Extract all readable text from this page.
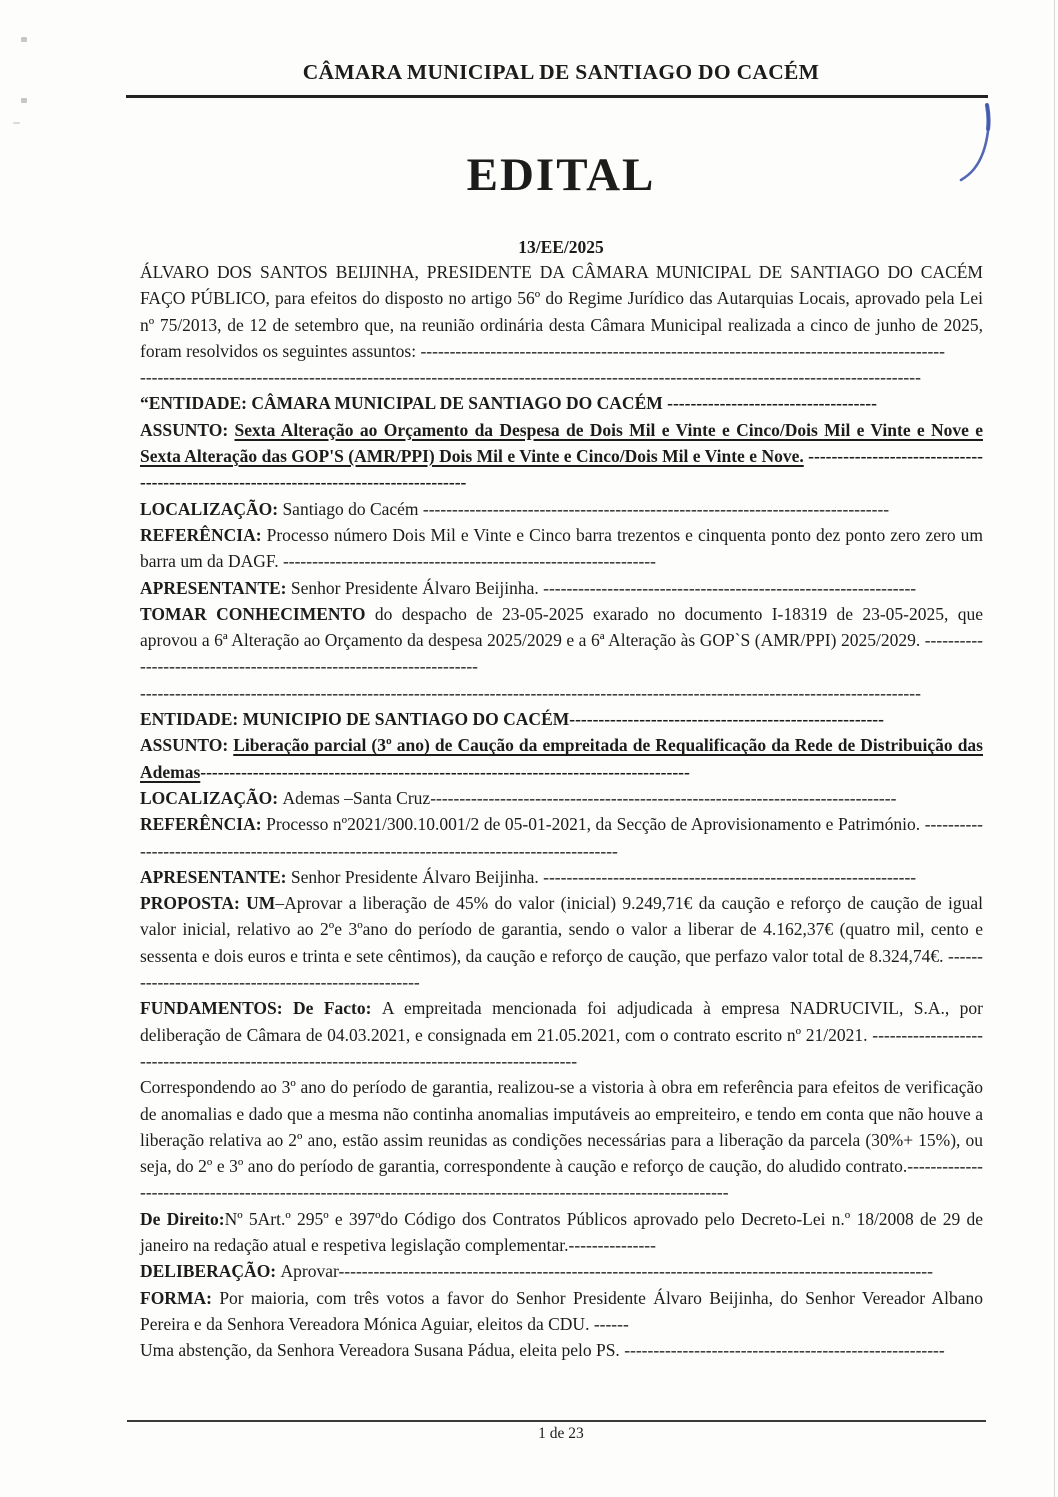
CÂMARA MUNICIPAL DE SANTIAGO DO CACÉM
EDITAL
13/EE/2025

ÁLVARO DOS SANTOS BEIJINHA, PRESIDENTE DA CÂMARA MUNICIPAL DE SANTIAGO DO CACÉM FAÇO PÚBLICO, para efeitos do disposto no artigo 56º do Regime Jurídico das Autarquias Locais, aprovado pela Lei nº 75/2013, de 12 de setembro que, na reunião ordinária desta Câmara Municipal realizada a cinco de junho de 2025, foram resolvidos os seguintes assuntos: ------------------------------------------------------------------------------------------

--------------------------------------------------------------------------------------------------------------------------------------

“ENTIDADE: CÂMARA MUNICIPAL DE SANTIAGO DO CACÉM ------------------------------------

ASSUNTO: Sexta Alteração ao Orçamento da Despesa de Dois Mil e Vinte e Cinco/Dois Mil e Vinte e Nove e Sexta Alteração das GOP'S (AMR/PPI) Dois Mil e Vinte e Cinco/Dois Mil e Vinte e Nove. --------------------------------------------------------------------------------------

LOCALIZAÇÃO: Santiago do Cacém --------------------------------------------------------------------------------

REFERÊNCIA: Processo número Dois Mil e Vinte e Cinco barra trezentos e cinquenta ponto dez ponto zero zero um barra um da DAGF. ----------------------------------------------------------------

APRESENTANTE: Senhor Presidente Álvaro Beijinha. ----------------------------------------------------------------

TOMAR CONHECIMENTO do despacho de 23-05-2025 exarado no documento I-18319 de 23-05-2025, que aprovou a 6ª Alteração ao Orçamento da despesa 2025/2029 e a 6ª Alteração às GOP`S (AMR/PPI) 2025/2029. --------------------------------------------------------------------

--------------------------------------------------------------------------------------------------------------------------------------

ENTIDADE: MUNICIPIO DE SANTIAGO DO CACÉM------------------------------------------------------

ASSUNTO: Liberação parcial (3º ano) de Caução da empreitada de Requalificação da Rede de Distribuição das Ademas------------------------------------------------------------------------------------

LOCALIZAÇÃO: Ademas –Santa Cruz--------------------------------------------------------------------------------

REFERÊNCIA: Processo nº2021/300.10.001/2 de 05-01-2021, da Secção de Aprovisionamento e Património. --------------------------------------------------------------------------------------------

APRESENTANTE: Senhor Presidente Álvaro Beijinha. ----------------------------------------------------------------

PROPOSTA: UM–Aprovar a liberação de 45% do valor (inicial) 9.249,71€ da caução e reforço de caução de igual valor inicial, relativo ao 2ºe 3ºano do período de garantia, sendo o valor a liberar de 4.162,37€ (quatro mil, cento e sessenta e dois euros e trinta e sete cêntimos), da caução e reforço de caução, que perfazo valor total de 8.324,74€. ------------------------------------------------------

FUNDAMENTOS: De Facto: A empreitada mencionada foi adjudicada à empresa NADRUCIVIL, S.A., por deliberação de Câmara de 04.03.2021, e consignada em 21.05.2021, com o contrato escrito nº 21/2021. ----------------------------------------------------------------------------------------------

Correspondendo ao 3º ano do período de garantia, realizou-se a vistoria à obra em referência para efeitos de verificação de anomalias e dado que a mesma não continha anomalias imputáveis ao empreiteiro, e tendo em conta que não houve a liberação relativa ao 2º ano, estão assim reunidas as condições necessárias para a liberação da parcela (30%+ 15%), ou seja, do 2º e 3º ano do período de garantia, correspondente à caução e reforço de caução, do aludido contrato.------------------------------------------------------------------------------------------------------------------

De Direito:Nº 5Art.º 295º e 397ºdo Código dos Contratos Públicos aprovado pelo Decreto-Lei n.º 18/2008 de 29 de janeiro na redação atual e respetiva legislação complementar.---------------

DELIBERAÇÃO: Aprovar------------------------------------------------------------------------------------------------------

FORMA: Por maioria, com três votos a favor do Senhor Presidente Álvaro Beijinha, do Senhor Vereador Albano Pereira e da Senhora Vereadora Mónica Aguiar, eleitos da CDU. ------

Uma abstenção, da Senhora Vereadora Susana Pádua, eleita pelo PS. -------------------------------------------------------

1 de 23
